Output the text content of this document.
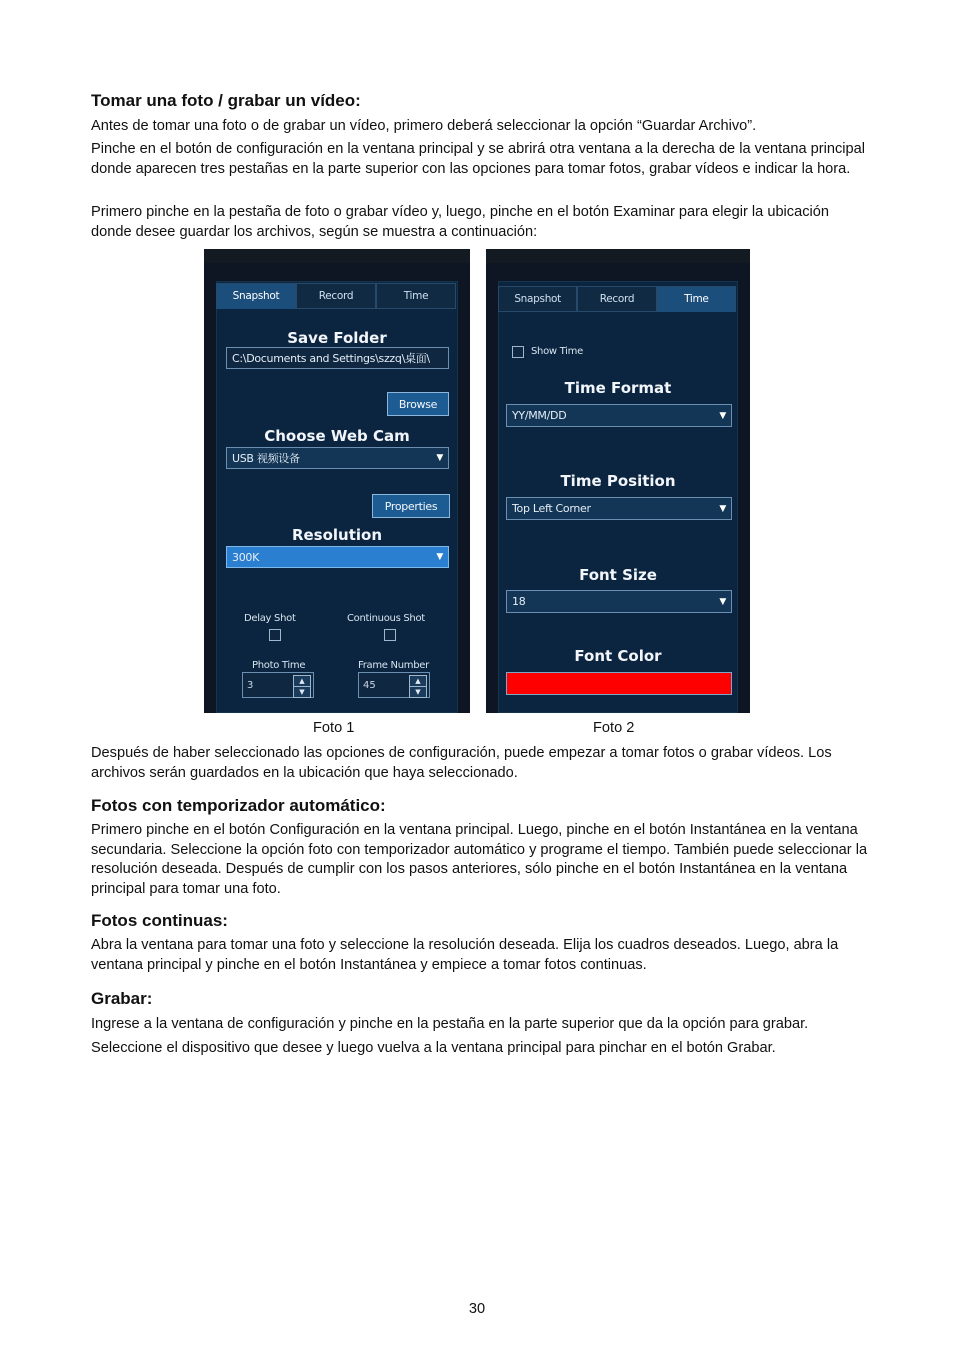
Tomar una foto / grabar un vídeo:

Antes de tomar una foto o de grabar un vídeo, primero deberá seleccionar la opción “Guardar Archivo”.

Pinche en el botón de configuración en la ventana principal y se abrirá otra ventana a la derecha de la ventana principal donde aparecen tres pestañas en la parte superior con las opciones para tomar fotos, grabar vídeos e indicar la hora.

Primero pinche en la pestaña de foto o grabar vídeo y, luego, pinche en el botón Examinar para elegir la ubicación donde desee guardar los archivos, según se muestra a continuación:

Snapshot	Record	Time
Save Folder
C:\Documents and Settings\szzq\桌面\
Browse
Choose Web Cam
USB 视频设备	▼
Properties
Resolution
300K	▼
Delay Shot	Continuous Shot
Photo Time
3	▲
▼
Frame Number
45	▲
▼
Snapshot	Record	Time
Show Time
Time Format
YY/MM/DD	▼
Time Position
Top Left Corner	▼
Font Size
18	▼
Font Color
Foto 1	Foto 2

Después de haber seleccionado las opciones de configuración, puede empezar a tomar fotos o grabar vídeos. Los archivos serán guardados en la ubicación que haya seleccionado.

Fotos con temporizador automático:

Primero pinche en el botón Configuración en la ventana principal. Luego, pinche en el botón Instantánea en la ventana secundaria. Seleccione la opción foto con temporizador automático y programe el tiempo. También puede seleccionar la resolución deseada. Después de cumplir con los pasos anteriores, sólo pinche en el botón Instantánea en la ventana principal para tomar una foto.

Fotos continuas:

Abra la ventana para tomar una foto y seleccione la resolución deseada. Elija los cuadros deseados. Luego, abra la ventana principal y pinche en el botón Instantánea y empiece a tomar fotos continuas.

Grabar:

Ingrese a la ventana de configuración y pinche en la pestaña en la parte superior que da la opción para grabar.

Seleccione el dispositivo que desee y luego vuelva a la ventana principal para pinchar en el botón Grabar.

30
